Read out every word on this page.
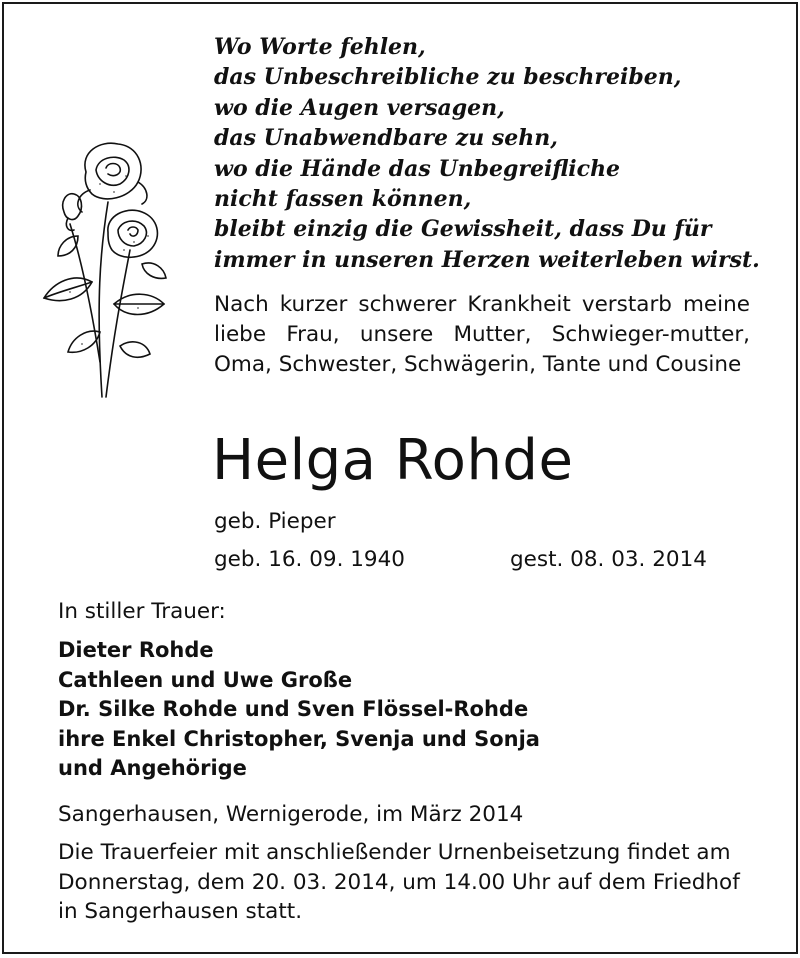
Wo Worte fehlen,
das Unbeschreibliche zu beschreiben,
wo die Augen versagen,
das Unabwendbare zu sehn,
wo die Hände das Unbegreifliche
nicht fassen können,
bleibt einzig die Gewissheit, dass Du für
immer in unseren Herzen weiterleben wirst.
Nach kurzer schwerer Krankheit verstarb meine liebe Frau, unsere Mutter, Schwieger-mutter, Oma, Schwester, Schwägerin, Tante und Cousine
Helga Rohde
geb. Pieper
geb. 16. 09. 1940	gest. 08. 03. 2014
In stiller Trauer:
Dieter Rohde
Cathleen und Uwe Große
Dr. Silke Rohde und Sven Flössel-Rohde
ihre Enkel Christopher, Svenja und Sonja
und Angehörige
Sangerhausen, Wernigerode, im März 2014
Die Trauerfeier mit anschließender Urnenbeisetzung findet am Donnerstag, dem 20. 03. 2014, um 14.00 Uhr auf dem Friedhof in Sangerhausen statt.
